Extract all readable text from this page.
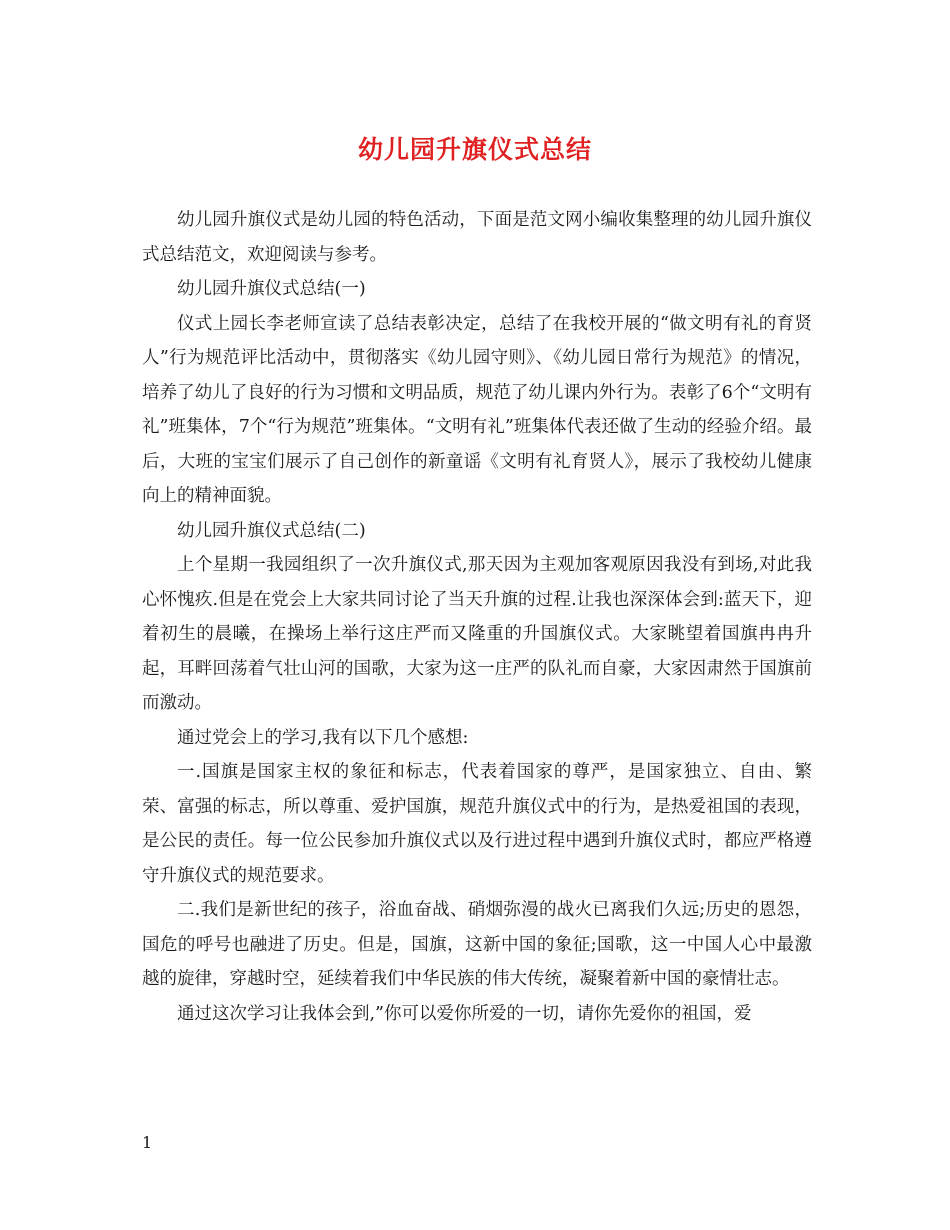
幼儿园升旗仪式总结

幼儿园升旗仪式是幼儿园的特色活动，下面是范文网小编收集整理的幼儿园升旗仪式总结范文，欢迎阅读与参考。

幼儿园升旗仪式总结(一)

仪式上园长李老师宣读了总结表彰决定，总结了在我校开展的“做文明有礼的育贤人”行为规范评比活动中，贯彻落实《幼儿园守则》、《幼儿园日常行为规范》的情况，培养了幼儿了良好的行为习惯和文明品质，规范了幼儿课内外行为。表彰了6个“文明有礼”班集体，7个“行为规范”班集体。“文明有礼”班集体代表还做了生动的经验介绍。最后，大班的宝宝们展示了自己创作的新童谣《文明有礼育贤人》，展示了我校幼儿健康向上的精神面貌。

幼儿园升旗仪式总结(二)

上个星期一我园组织了一次升旗仪式,那天因为主观加客观原因我没有到场,对此我心怀愧疚.但是在党会上大家共同讨论了当天升旗的过程.让我也深深体会到:蓝天下，迎着初生的晨曦，在操场上举行这庄严而又隆重的升国旗仪式。大家眺望着国旗冉冉升起，耳畔回荡着气壮山河的国歌，大家为这一庄严的队礼而自豪，大家因肃然于国旗前而激动。

通过党会上的学习,我有以下几个感想:

一.国旗是国家主权的象征和标志，代表着国家的尊严，是国家独立、自由、繁荣、富强的标志，所以尊重、爱护国旗，规范升旗仪式中的行为，是热爱祖国的表现，是公民的责任。每一位公民参加升旗仪式以及行进过程中遇到升旗仪式时，都应严格遵守升旗仪式的规范要求。

二.我们是新世纪的孩子，浴血奋战、硝烟弥漫的战火已离我们久远;历史的恩怨，国危的呼号也融进了历史。但是，国旗，这新中国的象征;国歌，这一中国人心中最激越的旋律，穿越时空，延续着我们中华民族的伟大传统，凝聚着新中国的豪情壮志。

通过这次学习让我体会到,”你可以爱你所爱的一切，请你先爱你的祖国，爱

1
